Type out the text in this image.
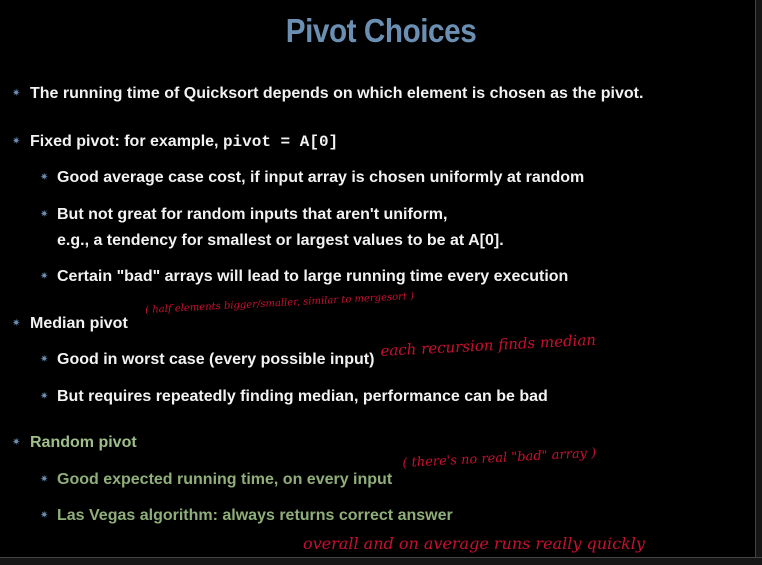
Pivot Choices
✷ The running time of Quicksort depends on which element is chosen as the pivot.
✷ Fixed pivot: for example, pivot = A[0]
✷ Good average case cost, if input array is chosen uniformly at random
✷ But not great for random inputs that aren't uniform,
e.g., a tendency for smallest or largest values to be at A[0].
✷ Certain "bad" arrays will lead to large running time every execution
✷ Median pivot
( half elements bigger/smaller, similar to mergesort )
✷ Good in worst case (every possible input) each recursion finds median
✷ But requires repeatedly finding median, performance can be bad
✷ Random pivot
✷ Good expected running time, on every input
( there's no real "bad" array )
✷ Las Vegas algorithm: always returns correct answer
overall and on average runs really quickly
